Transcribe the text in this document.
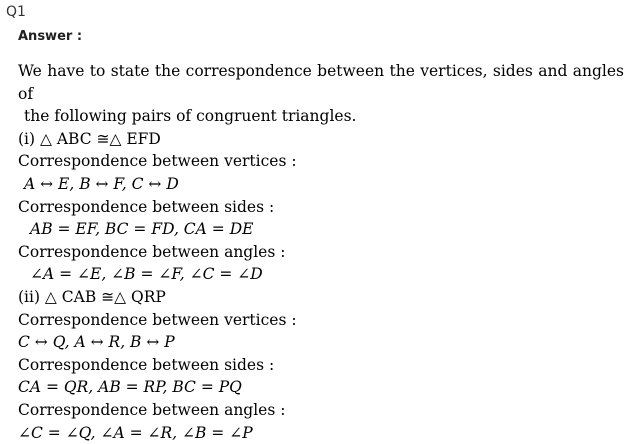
Q1
Answer :
We have to state the correspondence between the vertices, sides and angles of
the following pairs of congruent triangles.
(i) △ ABC ≅△ EFD
Correspondence between vertices :
A ↔ E, B ↔ F, C ↔ D
Correspondence between sides :
AB = EF, BC = FD, CA = DE
Correspondence between angles :
∠A = ∠E, ∠B = ∠F, ∠C = ∠D
(ii) △ CAB ≅△ QRP
Correspondence between vertices :
C ↔ Q, A ↔ R, B ↔ P
Correspondence between sides :
CA = QR, AB = RP, BC = PQ
Correspondence between angles :
∠C = ∠Q, ∠A = ∠R, ∠B = ∠P
